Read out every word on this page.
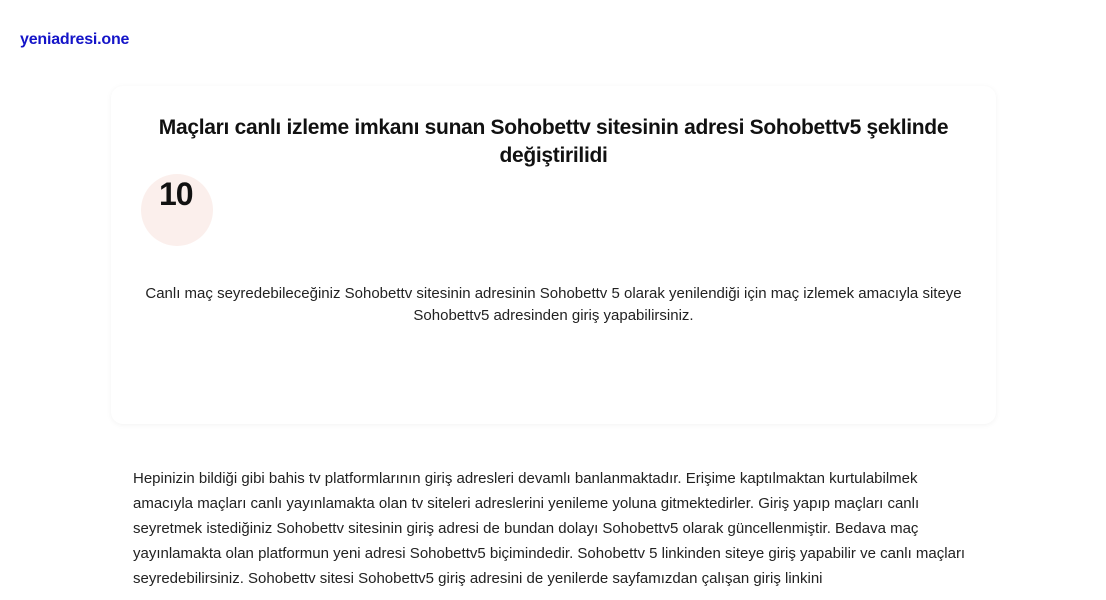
yeniadresi.one
Maçları canlı izleme imkanı sunan Sohobettv sitesinin adresi Sohobettv5 şeklinde değiştirilidi
10

Canlı maç seyredebileceğiniz Sohobettv sitesinin adresinin Sohobettv 5 olarak yenilendiği için maç izlemek amacıyla siteye Sohobettv5 adresinden giriş yapabilirsiniz.

Hepinizin bildiği gibi bahis tv platformlarının giriş adresleri devamlı banlanmaktadır. Erişime kaptılmaktan kurtulabilmek amacıyla maçları canlı yayınlamakta olan tv siteleri adreslerini yenileme yoluna gitmektedirler. Giriş yapıp maçları canlı seyretmek istediğiniz Sohobettv sitesinin giriş adresi de bundan dolayı Sohobettv5 olarak güncellenmiştir. Bedava maç yayınlamakta olan platformun yeni adresi Sohobettv5 biçimindedir. Sohobettv 5 linkinden siteye giriş yapabilir ve canlı maçları seyredebilirsiniz. Sohobettv sitesi Sohobettv5 giriş adresini de yenilerde sayfamızdan çalışan giriş linkini
